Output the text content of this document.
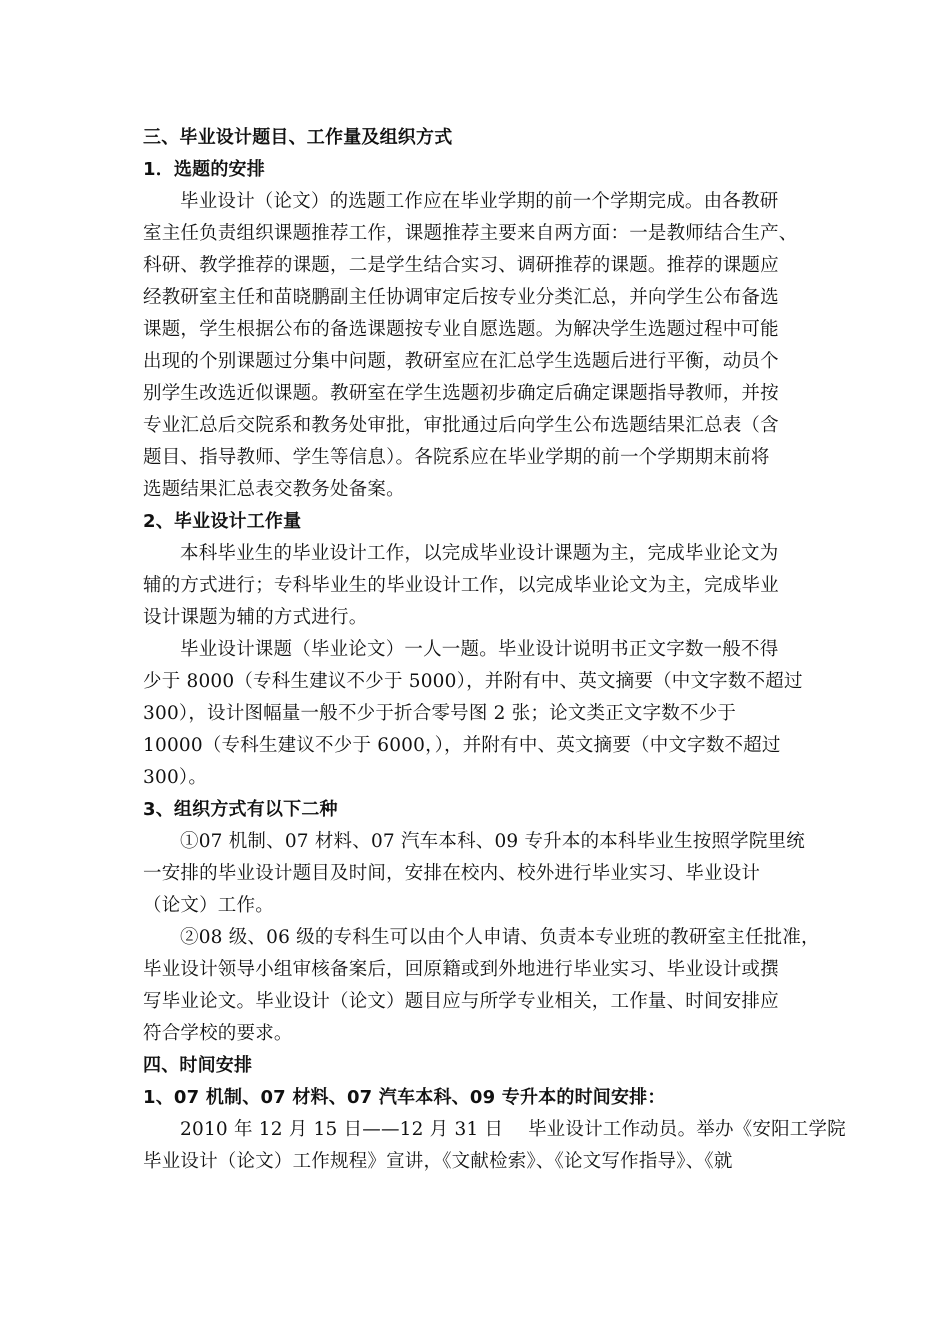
三、毕业设计题目、工作量及组织方式
1．选题的安排
毕业设计（论文）的选题工作应在毕业学期的前一个学期完成。由各教研
室主任负责组织课题推荐工作，课题推荐主要来自两方面：一是教师结合生产、
科研、教学推荐的课题，二是学生结合实习、调研推荐的课题。推荐的课题应
经教研室主任和苗晓鹏副主任协调审定后按专业分类汇总，并向学生公布备选
课题，学生根据公布的备选课题按专业自愿选题。为解决学生选题过程中可能
出现的个别课题过分集中问题，教研室应在汇总学生选题后进行平衡，动员个
别学生改选近似课题。教研室在学生选题初步确定后确定课题指导教师，并按
专业汇总后交院系和教务处审批，审批通过后向学生公布选题结果汇总表（含
题目、指导教师、学生等信息）。各院系应在毕业学期的前一个学期期末前将
选题结果汇总表交教务处备案。
2、毕业设计工作量
本科毕业生的毕业设计工作，以完成毕业设计课题为主，完成毕业论文为
辅的方式进行；专科毕业生的毕业设计工作，以完成毕业论文为主，完成毕业
设计课题为辅的方式进行。
毕业设计课题（毕业论文）一人一题。毕业设计说明书正文字数一般不得
少于 8000（专科生建议不少于 5000），并附有中、英文摘要（中文字数不超过
300），设计图幅量一般不少于折合零号图 2 张；论文类正文字数不少于
10000（专科生建议不少于 6000，），并附有中、英文摘要（中文字数不超过
300）。
3、组织方式有以下二种
①07 机制、07 材料、07 汽车本科、09 专升本的本科毕业生按照学院里统
一安排的毕业设计题目及时间，安排在校内、校外进行毕业实习、毕业设计
（论文）工作。
②08 级、06 级的专科生可以由个人申请、负责本专业班的教研室主任批准，
毕业设计领导小组审核备案后，回原籍或到外地进行毕业实习、毕业设计或撰
写毕业论文。毕业设计（论文）题目应与所学专业相关，工作量、时间安排应
符合学校的要求。
四、时间安排
1、07 机制、07 材料、07 汽车本科、09 专升本的时间安排：
2010 年 12 月 15 日——12 月 31 日　 毕业设计工作动员。举办《安阳工学院
毕业设计（论文）工作规程》宣讲，《文献检索》、《论文写作指导》、《就
